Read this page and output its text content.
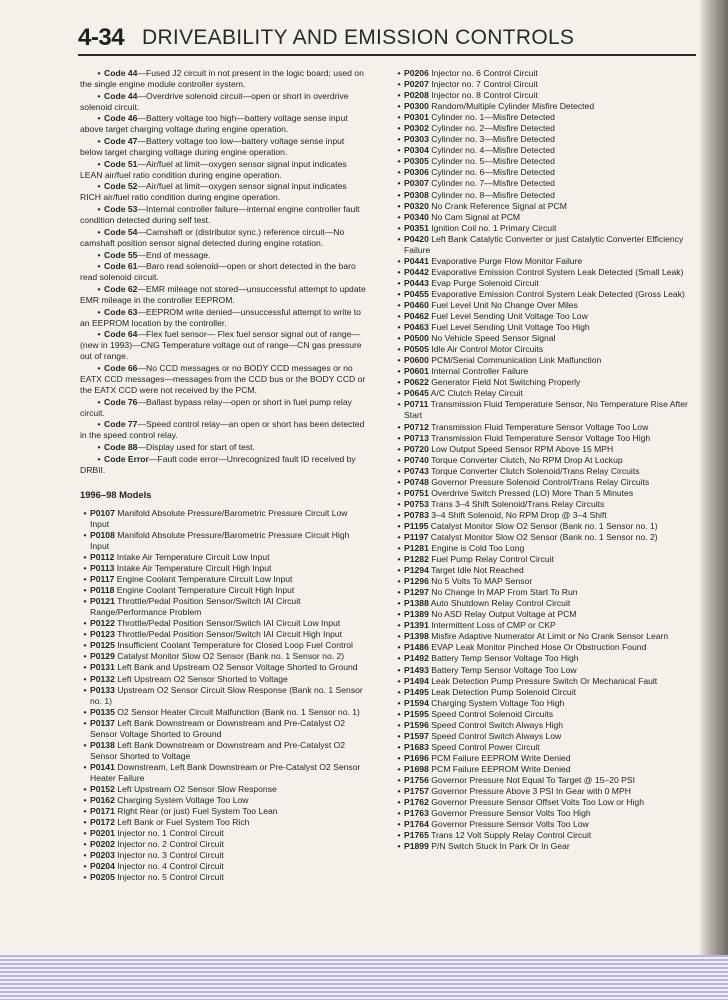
4-34 DRIVEABILITY AND EMISSION CONTROLS
• Code 44—Fused J2 circuit in not present in the logic board; used on the single engine module controller system.
• Code 44—Overdrive solenoid circuit—open or short in overdrive solenoid circuit.
• Code 46—Battery voltage too high—battery voltage sense input above target charging voltage during engine operation.
• Code 47—Battery voltage too low—battery voltage sense input below target charging voltage during engine operation.
• Code 51—Air/fuel at limit—oxygen sensor signal input indicates LEAN air/fuel ratio condition during engine operation.
• Code 52—Air/fuel at limit—oxygen sensor signal input indicates RICH air/fuel ratio condition during engine operation.
• Code 53—Internal controller failure—internal engine controller fault condition detected during self test.
• Code 54—Camshaft or (distributor sync.) reference circuit—No camshaft position sensor signal detected during engine rotation.
• Code 55—End of message.
• Code 61—Baro read solenoid—open or short detected in the baro read solenoid circuit.
• Code 62—EMR mileage not stored—unsuccessful attempt to update EMR mileage in the controller EEPROM.
• Code 63—EEPROM write denied—unsuccessful attempt to write to an EEPROM location by the controller.
• Code 64—Flex fuel sensor— Flex fuel sensor signal out of range—(new in 1993)—CNG Temperature voltage out of range—CN gas pressure out of range.
• Code 66—No CCD messages or no BODY CCD messages or no EATX CCD messages—messages from the CCD bus or the BODY CCD or the EATX CCD were not received by the PCM.
• Code 76—Ballast bypass relay—open or short in fuel pump relay circuit.
• Code 77—Speed control relay—an open or short has been detected in the speed control relay.
• Code 88—Display used for start of test.
• Code Error—Fault code error—Unrecognized fault ID received by DRBII.
1996–98 Models
• P0107 Manifold Absolute Pressure/Barometric Pressure Circuit Low Input
• P0108 Manifold Absolute Pressure/Barometric Pressure Circuit High Input
• P0112 Intake Air Temperature Circuit Low Input
• P0113 Intake Air Temperature Circuit High Input
• P0117 Engine Coolant Temperature Circuit Low Input
• P0118 Engine Coolant Temperature Circuit High Input
• P0121 Throttle/Pedal Position Sensor/Switch IAI Circuit Range/Performance Problem
• P0122 Throttle/Pedal Position Sensor/Switch IAI Circuit Low Input
• P0123 Throttle/Pedal Position Sensor/Switch IAI Circuit High Input
• P0125 Insufficient Coolant Temperature for Closed Loop Fuel Control
• P0129 Catalyst Monitor Slow O2 Sensor (Bank no. 1 Sensor no. 2)
• P0131 Left Bank and Upstream O2 Sensor Voltage Shorted to Ground
• P0132 Left Upstream O2 Sensor Shorted to Voltage
• P0133 Upstream O2 Sensor Circuit Slow Response (Bank no. 1 Sensor no. 1)
• P0135 O2 Sensor Heater Circuit Malfunction (Bank no. 1 Sensor no. 1)
• P0137 Left Bank Downstream or Downstream and Pre-Catalyst O2 Sensor Voltage Shorted to Ground
• P0138 Left Bank Downstream or Downstream and Pre-Catalyst O2 Sensor Shorted to Voltage
• P0141 Downstream, Left Bank Downstream or Pre-Catalyst O2 Sensor Heater Failure
• P0152 Left Upstream O2 Sensor Slow Response
• P0162 Charging System Voltage Too Low
• P0171 Right Rear (or just) Fuel System Too Lean
• P0172 Left Bank or Fuel System Too Rich
• P0201 Injector no. 1 Control Circuit
• P0202 Injector no. 2 Control Circuit
• P0203 Injector no. 3 Control Circuit
• P0204 Injector no. 4 Control Circuit
• P0205 Injector no. 5 Control Circuit
• P0206 Injector no. 6 Control Circuit
• P0207 Injector no. 7 Control Circuit
• P0208 Injector no. 8 Control Circuit
• P0300 Random/Multiple Cylinder Misfire Detected
• P0301 Cylinder no. 1—Misfire Detected
• P0302 Cylinder no. 2—Misfire Detected
• P0303 Cylinder no. 3—Misfire Detected
• P0304 Cylinder no. 4—Misfire Detected
• P0305 Cylinder no. 5—Misfire Detected
• P0306 Cylinder no. 6—Misfire Detected
• P0307 Cylinder no. 7—Misfire Detected
• P0308 Cylinder no. 8—Misfire Detected
• P0320 No Crank Reference Signal at PCM
• P0340 No Cam Signal at PCM
• P0351 Ignition Coil no. 1 Primary Circuit
• P0420 Left Bank Catalytic Converter or just Catalytic Converter Efficiency Failure
• P0441 Evaporative Purge Flow Monitor Failure
• P0442 Evaporative Emission Control System Leak Detected (Small Leak)
• P0443 Evap Purge Solenoid Circuit
• P0455 Evaporative Emission Control System Leak Detected (Gross Leak)
• P0460 Fuel Level Unit No Change Over Miles
• P0462 Fuel Level Sending Unit Voltage Too Low
• P0463 Fuel Level Sending Unit Voltage Too High
• P0500 No Vehicle Speed Sensor Signal
• P0505 Idle Air Control Motor Circuits
• P0600 PCM/Serial Communication Link Malfunction
• P0601 Internal Controller Failure
• P0622 Generator Field Not Switching Properly
• P0645 A/C Clutch Relay Circuit
• P0711 Transmission Fluid Temperature Sensor, No Temperature Rise After Start
• P0712 Transmission Fluid Temperature Sensor Voltage Too Low
• P0713 Transmission Fluid Temperature Sensor Voltage Too High
• P0720 Low Output Speed Sensor RPM Above 15 MPH
• P0740 Torque Converter Clutch, No RPM Drop At Lockup
• P0743 Torque Converter Clutch Solenoid/Trans Relay Circuits
• P0748 Governor Pressure Solenoid Control/Trans Relay Circuits
• P0751 Overdrive Switch Pressed (LO) More Than 5 Minutes
• P0753 Trans 3–4 Shift Solenoid/Trans Relay Circuits
• P0783 3–4 Shift Solenoid, No RPM Drop @ 3–4 Shift
• P1195 Catalyst Monitor Slow O2 Sensor (Bank no. 1 Sensor no. 1)
• P1197 Catalyst Monitor Slow O2 Sensor (Bank no. 1 Sensor no. 2)
• P1281 Engine is Cold Too Long
• P1282 Fuel Pump Relay Control Circuit
• P1294 Target Idle Not Reached
• P1296 No 5 Volts To MAP Sensor
• P1297 No Change In MAP From Start To Run
• P1388 Auto Shutdown Relay Control Circuit
• P1389 No ASD Relay Output Voltage at PCM
• P1391 Intermittent Loss of CMP or CKP
• P1398 Misfire Adaptive Numerator At Limit or No Crank Sensor Learn
• P1486 EVAP Leak Monitor Pinched Hose Or Obstruction Found
• P1492 Battery Temp Sensor Voltage Too High
• P1493 Battery Temp Sensor Voltage Too Low
• P1494 Leak Detection Pump Pressure Switch Or Mechanical Fault
• P1495 Leak Detection Pump Solenoid Circuit
• P1594 Charging System Voltage Too High
• P1595 Speed Control Solenoid Circuits
• P1596 Speed Control Switch Always High
• P1597 Speed Control Switch Always Low
• P1683 Speed Control Power Circuit
• P1696 PCM Failure EEPROM Write Denied
• P1698 PCM Failure EEPROM Write Denied
• P1756 Governor Pressure Not Equal To Target @ 15–20 PSI
• P1757 Governor Pressure Above 3 PSI In Gear with 0 MPH
• P1762 Governor Pressure Sensor Offset Volts Too Low or High
• P1763 Governor Pressure Sensor Volts Too High
• P1764 Governor Pressure Sensor Volts Too Low
• P1765 Trans 12 Volt Supply Relay Control Circuit
• P1899 P/N Switch Stuck In Park Or In Gear
